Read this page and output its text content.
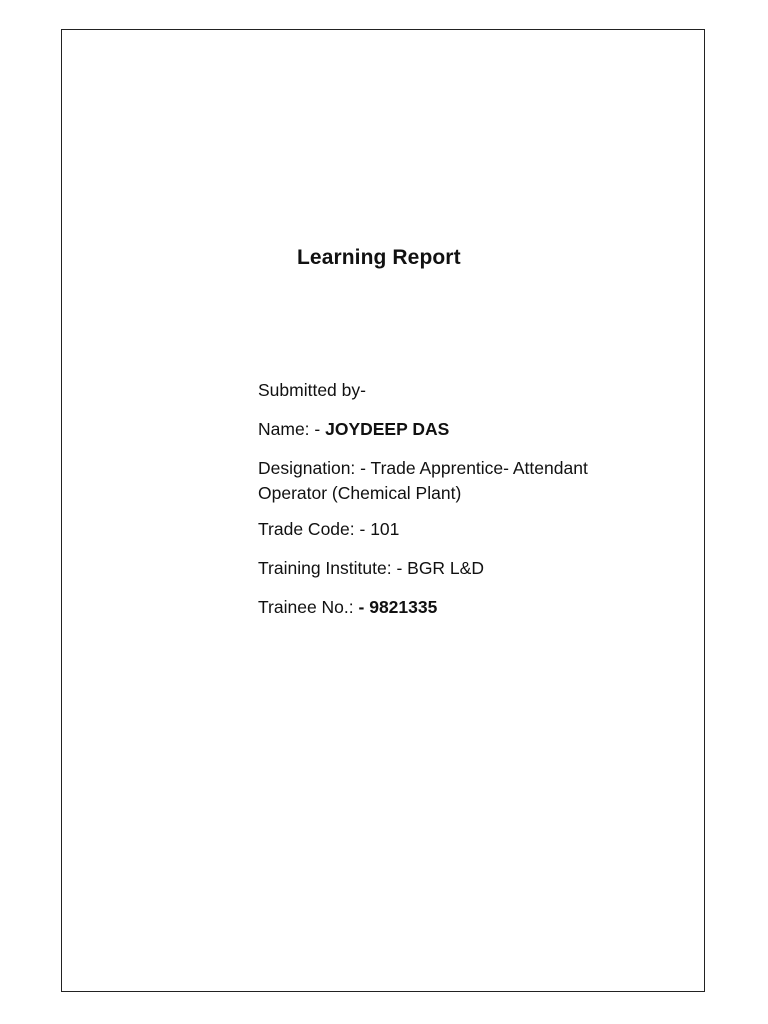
Learning Report
Submitted by-
Name: - JOYDEEP DAS
Designation: - Trade Apprentice- Attendant
Operator (Chemical Plant)
Trade Code: - 101
Training Institute: - BGR L&D
Trainee No.: - 9821335
